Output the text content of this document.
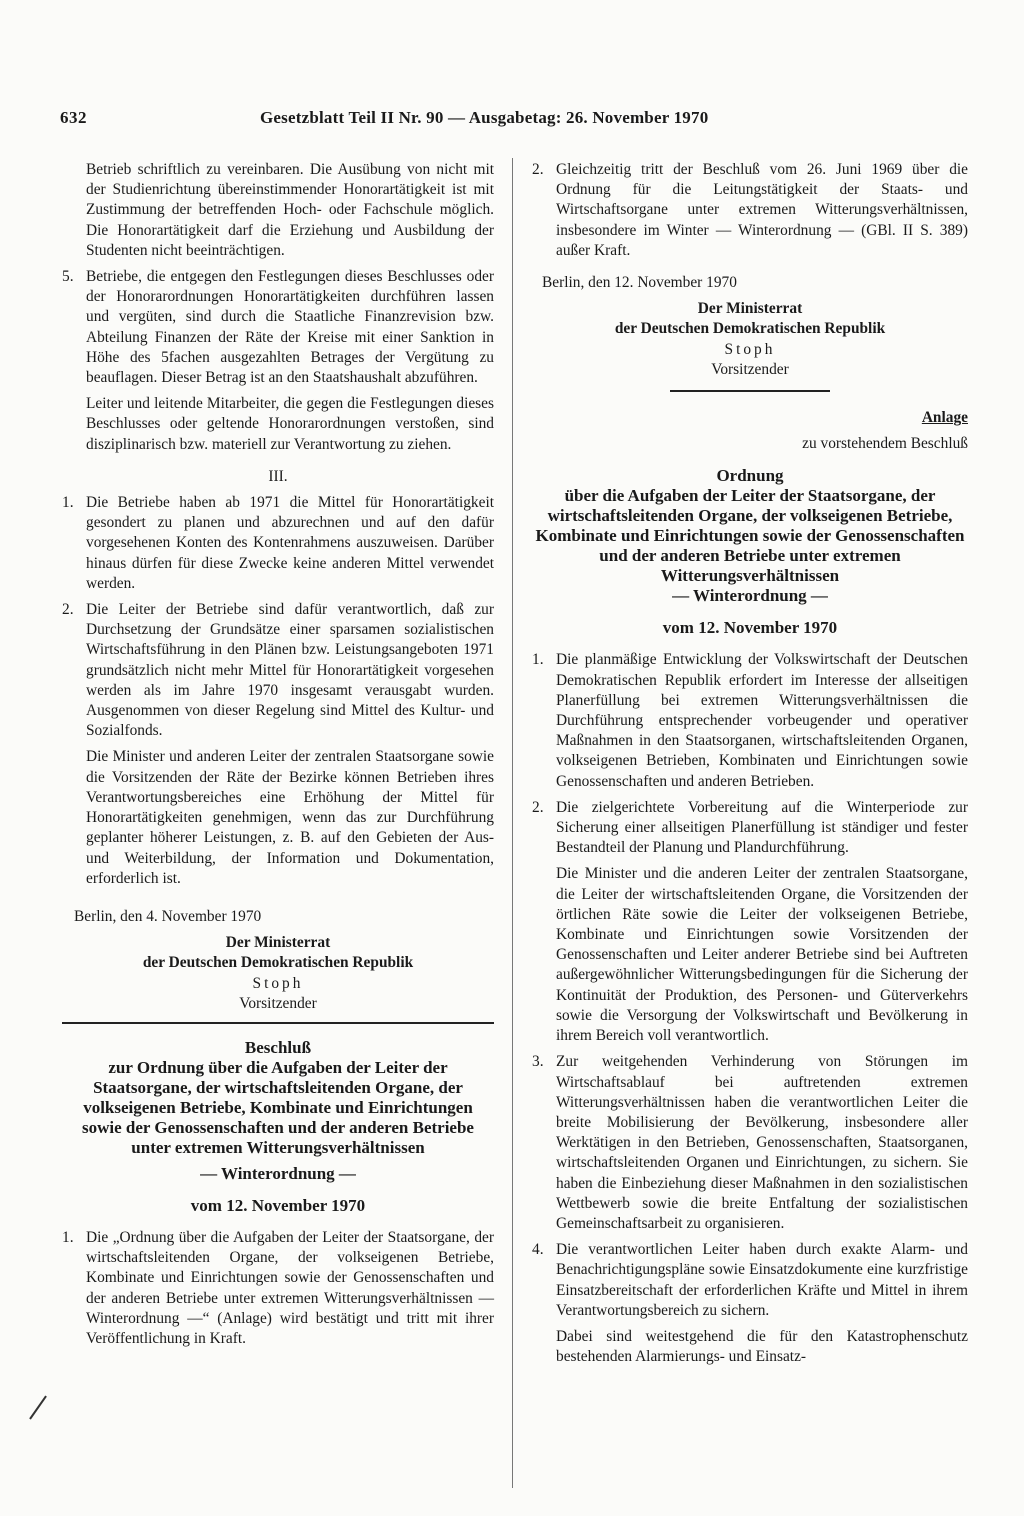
632	Gesetzblatt Teil II Nr. 90 — Ausgabetag: 26. November 1970

Betrieb schriftlich zu vereinbaren. Die Ausübung von nicht mit der Studienrichtung übereinstimmender Honorartätigkeit ist mit Zustimmung der betreffenden Hoch- oder Fachschule möglich. Die Honorartätigkeit darf die Erziehung und Ausbildung der Studenten nicht beeinträchtigen.

5. Betriebe, die entgegen den Festlegungen dieses Beschlusses oder der Honorarordnungen Honorartätigkeiten durchführen lassen und vergüten, sind durch die Staatliche Finanzrevision bzw. Abteilung Finanzen der Räte der Kreise mit einer Sanktion in Höhe des 5fachen ausgezahlten Betrages der Vergütung zu beauflagen. Dieser Betrag ist an den Staatshaushalt abzuführen.

Leiter und leitende Mitarbeiter, die gegen die Festlegungen dieses Beschlusses oder geltende Honorarordnungen verstoßen, sind disziplinarisch bzw. materiell zur Verantwortung zu ziehen.

III.

1. Die Betriebe haben ab 1971 die Mittel für Honorartätigkeit gesondert zu planen und abzurechnen und auf den dafür vorgesehenen Konten des Kontenrahmens auszuweisen. Darüber hinaus dürfen für diese Zwecke keine anderen Mittel verwendet werden.

2. Die Leiter der Betriebe sind dafür verantwortlich, daß zur Durchsetzung der Grundsätze einer sparsamen sozialistischen Wirtschaftsführung in den Plänen bzw. Leistungsangeboten 1971 grundsätzlich nicht mehr Mittel für Honorartätigkeit vorgesehen werden als im Jahre 1970 insgesamt verausgabt wurden. Ausgenommen von dieser Regelung sind Mittel des Kultur- und Sozialfonds.

Die Minister und anderen Leiter der zentralen Staatsorgane sowie die Vorsitzenden der Räte der Bezirke können Betrieben ihres Verantwortungsbereiches eine Erhöhung der Mittel für Honorartätigkeiten genehmigen, wenn das zur Durchführung geplanter höherer Leistungen, z. B. auf den Gebieten der Aus- und Weiterbildung, der Information und Dokumentation, erforderlich ist.

Berlin, den 4. November 1970

Der Ministerrat

der Deutschen Demokratischen Republik

Stoph

Vorsitzender

Beschluß

zur Ordnung über die Aufgaben der Leiter der Staatsorgane, der wirtschaftsleitenden Organe, der volkseigenen Betriebe, Kombinate und Einrichtungen sowie der Genossenschaften und der anderen Betriebe unter extremen Witterungsverhältnissen

— Winterordnung —

vom 12. November 1970

1. Die „Ordnung über die Aufgaben der Leiter der Staatsorgane, der wirtschaftsleitenden Organe, der volkseigenen Betriebe, Kombinate und Einrichtungen sowie der Genossenschaften und der anderen Betriebe unter extremen Witterungsverhältnissen — Winterordnung —“ (Anlage) wird bestätigt und tritt mit ihrer Veröffentlichung in Kraft.

2. Gleichzeitig tritt der Beschluß vom 26. Juni 1969 über die Ordnung für die Leitungstätigkeit der Staats- und Wirtschaftsorgane unter extremen Witterungsverhältnissen, insbesondere im Winter — Winterordnung — (GBl. II S. 389) außer Kraft.

Berlin, den 12. November 1970

Der Ministerrat

der Deutschen Demokratischen Republik

Stoph

Vorsitzender

Anlage

zu vorstehendem Beschluß

Ordnung

über die Aufgaben der Leiter der Staatsorgane, der wirtschaftsleitenden Organe, der volkseigenen Betriebe, Kombinate und Einrichtungen sowie der Genossenschaften und der anderen Betriebe unter extremen Witterungsverhältnissen

— Winterordnung —

vom 12. November 1970

1. Die planmäßige Entwicklung der Volkswirtschaft der Deutschen Demokratischen Republik erfordert im Interesse der allseitigen Planerfüllung bei extremen Witterungsverhältnissen die Durchführung entsprechender vorbeugender und operativer Maßnahmen in den Staatsorganen, wirtschaftsleitenden Organen, volkseigenen Betrieben, Kombinaten und Einrichtungen sowie Genossenschaften und anderen Betrieben.

2. Die zielgerichtete Vorbereitung auf die Winterperiode zur Sicherung einer allseitigen Planerfüllung ist ständiger und fester Bestandteil der Planung und Plandurchführung.

Die Minister und die anderen Leiter der zentralen Staatsorgane, die Leiter der wirtschaftsleitenden Organe, die Vorsitzenden der örtlichen Räte sowie die Leiter der volkseigenen Betriebe, Kombinate und Einrichtungen sowie Vorsitzenden der Genossenschaften und Leiter anderer Betriebe sind bei Auftreten außergewöhnlicher Witterungsbedingungen für die Sicherung der Kontinuität der Produktion, des Personen- und Güterverkehrs sowie die Versorgung der Volkswirtschaft und Bevölkerung in ihrem Bereich voll verantwortlich.

3. Zur weitgehenden Verhinderung von Störungen im Wirtschaftsablauf bei auftretenden extremen Witterungsverhältnissen haben die verantwortlichen Leiter die breite Mobilisierung der Bevölkerung, insbesondere aller Werktätigen in den Betrieben, Genossenschaften, Staatsorganen, wirtschaftsleitenden Organen und Einrichtungen, zu sichern. Sie haben die Einbeziehung dieser Maßnahmen in den sozialistischen Wettbewerb sowie die breite Entfaltung der sozialistischen Gemeinschaftsarbeit zu organisieren.

4. Die verantwortlichen Leiter haben durch exakte Alarm- und Benachrichtigungspläne sowie Einsatzdokumente eine kurzfristige Einsatzbereitschaft der erforderlichen Kräfte und Mittel in ihrem Verantwortungsbereich zu sichern.

Dabei sind weitestgehend die für den Katastrophenschutz bestehenden Alarmierungs- und Einsatz-
